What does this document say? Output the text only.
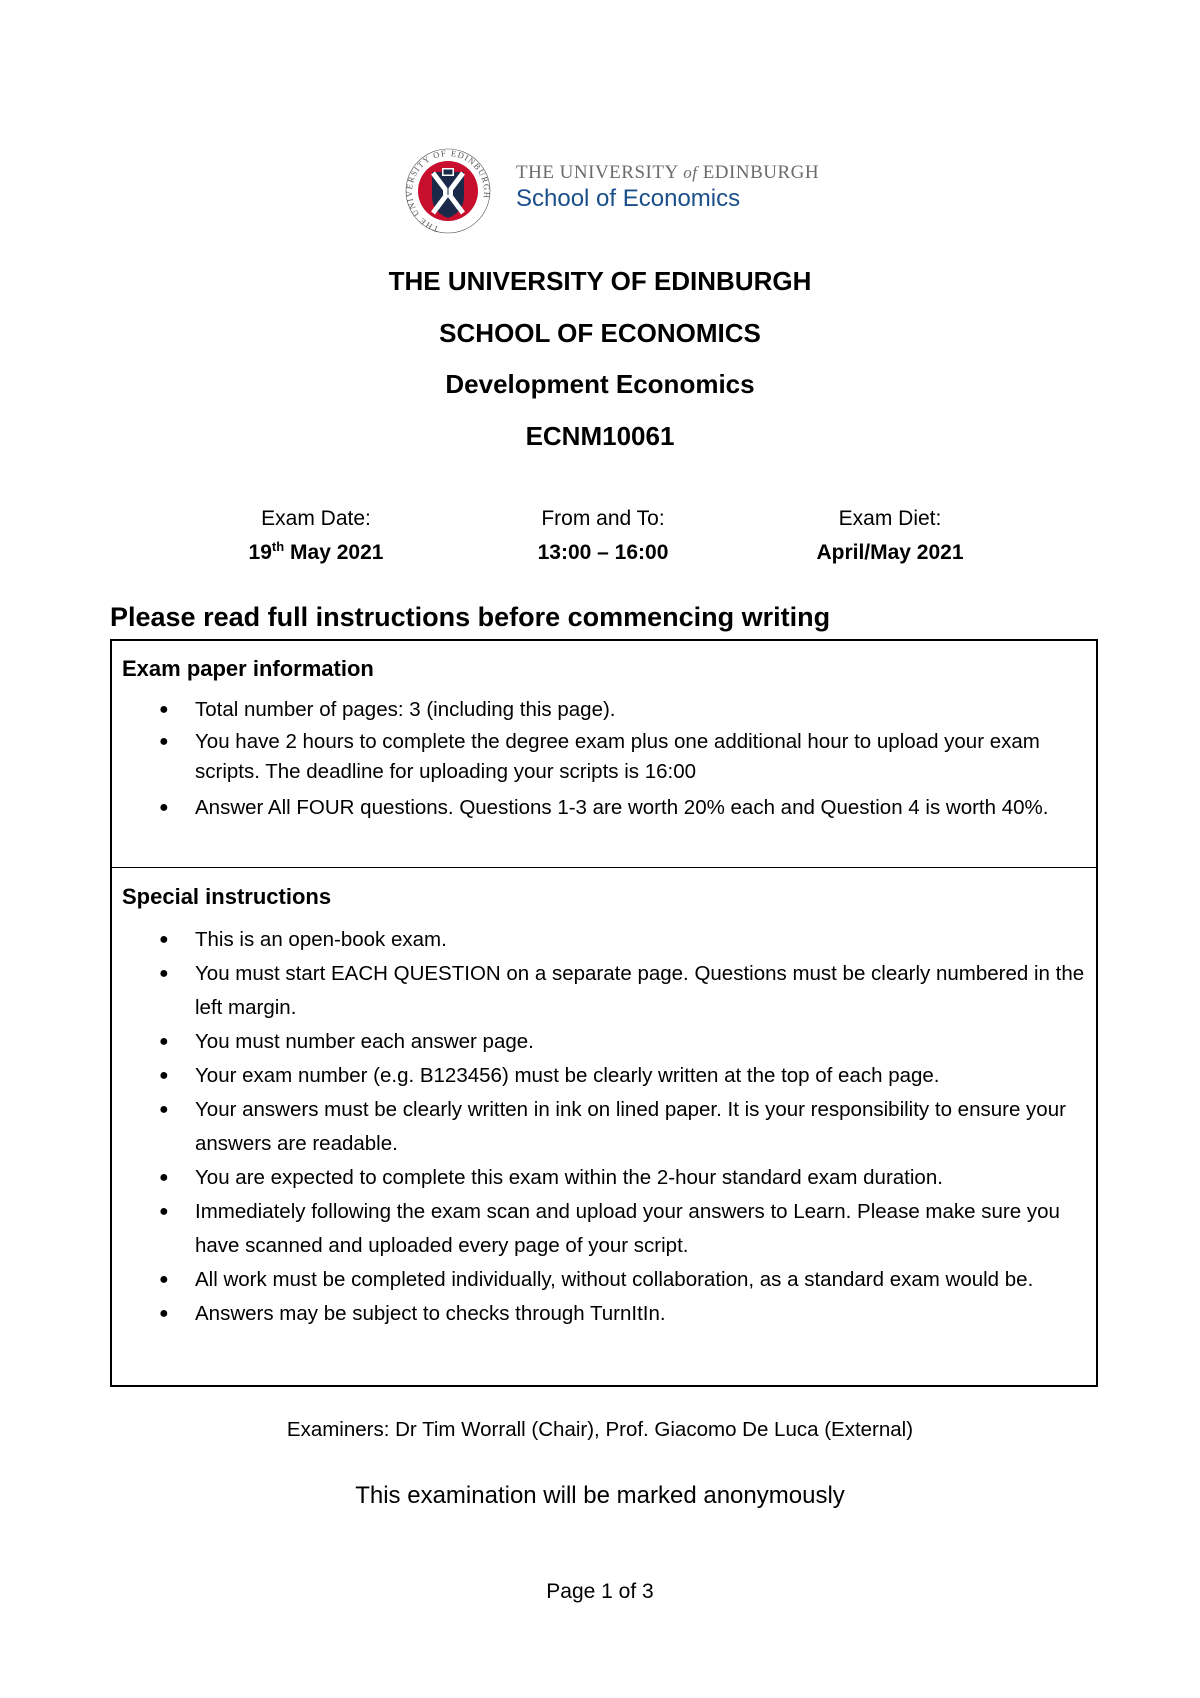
THE UNIVERSITY OF EDINBURGH
THE UNIVERSITY of EDINBURGH
School of Economics
THE UNIVERSITY OF EDINBURGH
SCHOOL OF ECONOMICS
Development Economics
ECNM10061
Exam Date:
19th May 2021
From and To:
13:00 – 16:00
Exam Diet:
April/May 2021
Please read full instructions before commencing writing
Exam paper information
● Total number of pages: 3 (including this page).
● You have 2 hours to complete the degree exam plus one additional hour to upload your exam scripts. The deadline for uploading your scripts is 16:00
● Answer All FOUR questions. Questions 1-3 are worth 20% each and Question 4 is worth 40%.
Special instructions
● This is an open-book exam.
● You must start EACH QUESTION on a separate page. Questions must be clearly numbered in the left margin.
● You must number each answer page.
● Your exam number (e.g. B123456) must be clearly written at the top of each page.
● Your answers must be clearly written in ink on lined paper. It is your responsibility to ensure your answers are readable.
● You are expected to complete this exam within the 2-hour standard exam duration.
● Immediately following the exam scan and upload your answers to Learn. Please make sure you have scanned and uploaded every page of your script.
● All work must be completed individually, without collaboration, as a standard exam would be.
● Answers may be subject to checks through TurnItIn.
Examiners: Dr Tim Worrall (Chair), Prof. Giacomo De Luca (External)
This examination will be marked anonymously
Page 1 of 3
